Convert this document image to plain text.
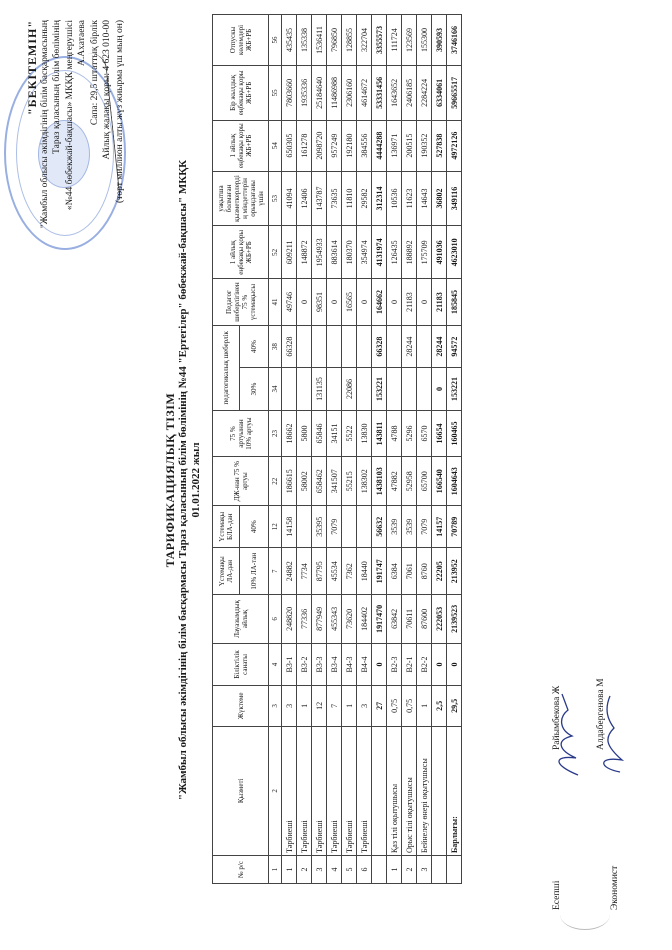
"БЕКІТЕМІН" "Жамбыл облысы әкімдігінің білім басқармасының Тараз қаласының білім бөлімінің «№44 бөбекжай-бақшасы» МКҚК меңгерушісі А.Ахатаева Сапа: 29,5 штаттық бірлік Айлық жалақы қоры: 4 623 010-00 (төрт миллион алты жүз жиырма үш мың он)
ТАРИФИКАЦИЯЛЫҚ ТІЗІМ "Жамбыл облысы әкімдігінің білім басқармасы Тараз қаласының білім бөлімінің №44 "Ертегілер" бөбекжай-бақшасы" МКҚК 01.01.2022 жыл
№ р/с	Қызметі	Жүктеме	Біліктілік санаты	Лауазымдық айлық	Үстемақы ЛА-дан	Үстемақы БЛА-дан	ДЖ-нан 75 % артуы	75 % артуынан 10% артуы	педагогикалық шеберлік		Педагог шеберлігінен 75 % үстемақысы	1 айлық еңбекақы қоры ЖБ+РБ	уақытша болмаған қызметкерлерді ң міндеттерін орындағаны үшін	1 айлық еңбекақы қоры ЖБ+РБ	Бір жылдық еңбекақы қоры ЖБ+РБ	Отпускы көлемдері ЖБ+РБ
					10% ЛА-тан	40%			30%	40%						
1	2	3	4	6	7	12	22	23	34	38	41	52	53	54	55	56
1	Тәрбиеші	3	B3-1	248820	24882	14158	186615	18662		66328	49746	609211	41094	650305	7803660	435435
2	Тәрбиеші	1	B3-2	77336	7734		58002	5800			0	148872	12406	161278	1935336	135338
3	Тәрбиеші	12	B3-3	877949	87795	35395	658462	65846	131135		98351	1954933	143787	2098720	25184640	1536411
4	Тәрбиеші	7	B3-4	455343	45534	7079	341507	34151			0	883614	73635	957249	11486988	796850
5	Тәрбиеші	1	B4-3	73620	7362		55215	5522	22086		16565	180370	11810	192180	2306160	128855
6	Тәрбиеші	3	B4-4	184402	18440		138302	13830			0	354974	29582	384556	4614672	322704
		27	0	1917470	191747	56632	1438103	143811	153221	66328	164662	4131974	312314	4444288	53331456	3355573
1	Қаз тілі оқытушысы	0,75	B2-3	63842	6384	3539	47882	4788			0	126435	10536	136971	1643652	111724
2	Орыс тілі оқытушысы	0,75	B2-1	70611	7061	3539	52958	5296		28244	21183	188892	11623	200515	2406185	123569
3	Бейнелеу өнері оқытушысы	1	B2-2	87600	8760	7079	65700	6570			0	175709	14643	190352	2284224	155300
		2,5	0	222053	22205	14157	166540	16654	0	28244	21183	491036	36802	527838	6334061	390593
	Барлығы:	29,5	0	2139523	213952	70789	1604643	160465	153221	94572	185845	4623010	349116	4972126	59665517	3746166
Есепші
Райымбекова Ж
Экономист
Алдабергенова М
